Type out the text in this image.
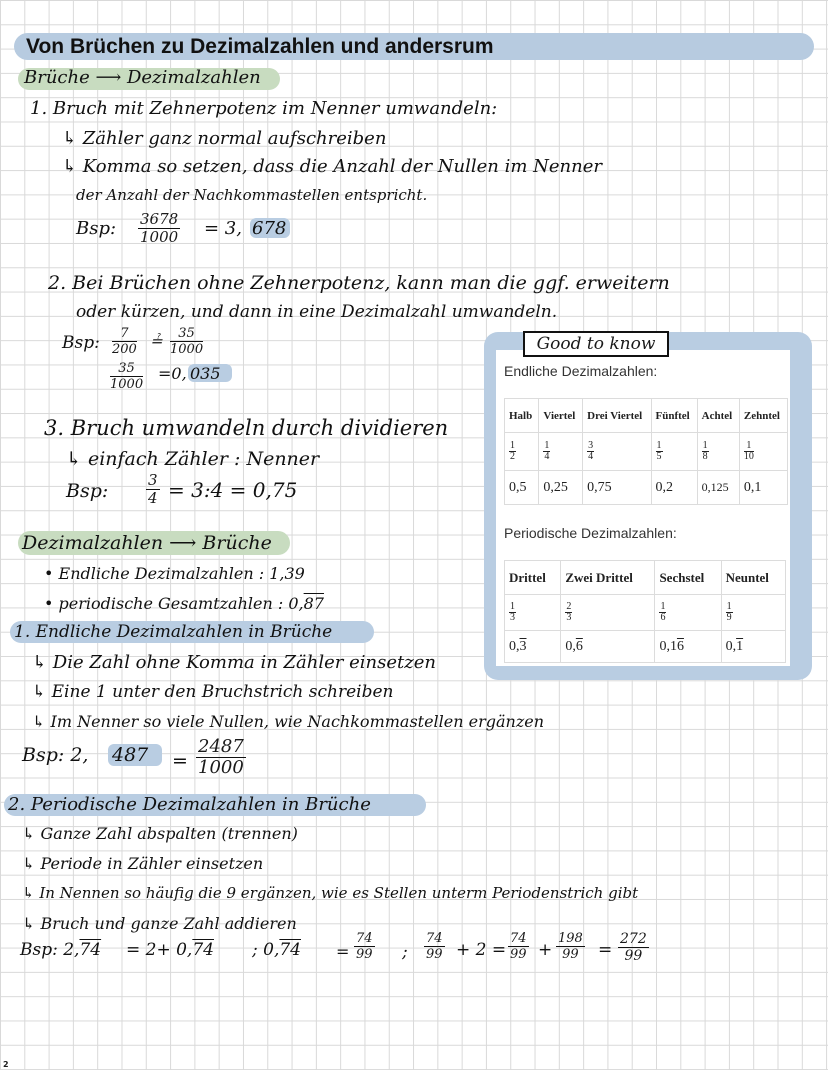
Von Brüchen zu Dezimalzahlen und andersrum
Brüche ⟶ Dezimalzahlen
1. Bruch mit Zehnerpotenz im Nenner umwandeln:
↳ Zähler ganz normal aufschreiben
↳ Komma so setzen, dass die Anzahl der Nullen im Nenner
der Anzahl der Nachkommastellen entspricht.
Bsp: $\frac{3678}{1000} = 3$, 678
2. Bei Brüchen ohne Zehnerpotenz, kann man die ggf. erweitern
oder kürzen, und dann in eine Dezimalzahl umwandeln.
Bsp: $\frac{7}{200}$ ≟ $\frac{35}{1000}$
$\frac{35}{1000} =0$, 035
3. Bruch umwandeln durch dividieren
↳ einfach Zähler : Nenner
Bsp:	$\frac{3}{4}$ = 3:4 = 0,75
Good to know
Endliche Dezimalzahlen:
Halb	Viertel	Drei Viertel	Fünftel	Achtel	Zehntel

$\frac{1}{2}$	$\frac{1}{4}$	$\frac{3}{4}$	$\frac{1}{5}$	$\frac{1}{8}$	$\frac{1}{10}$

0,5	0,25	0,75	0,2	0,125	0,1
Periodische Dezimalzahlen:
Drittel	Zwei Drittel	Sechstel	Neuntel

$\frac{1}{3}$	$\frac{2}{3}$	$\frac{1}{6}$	$\frac{1}{9}$

0,3	0,6	0,16	0,1
Dezimalzahlen ⟶ Brüche
• Endliche Dezimalzahlen : 1,39
• periodische Gesamtzahlen : 0,87
1. Endliche Dezimalzahlen in Brüche
↳ Die Zahl ohne Komma in Zähler einsetzen
↳ Eine 1 unter den Bruchstrich schreiben
↳ Im Nenner so viele Nullen, wie Nachkommastellen ergänzen
Bsp: 2, $487 = \frac{2487}{1000}$
2. Periodische Dezimalzahlen in Brüche
↳ Ganze Zahl abspalten (trennen)
↳ Periode in Zähler einsetzen
↳ In Nennen so häufig die 9 ergänzen, wie es Stellen unterm Periodenstrich gibt
↳ Bruch und ganze Zahl addieren
Bsp: 2,74 = 2+ 0,74 ; $0,74 = \frac{74}{99}$ ; $\frac{74}{99} + 2 = \frac{74}{99} + \frac{198}{99} = \frac{272}{99}$
2
